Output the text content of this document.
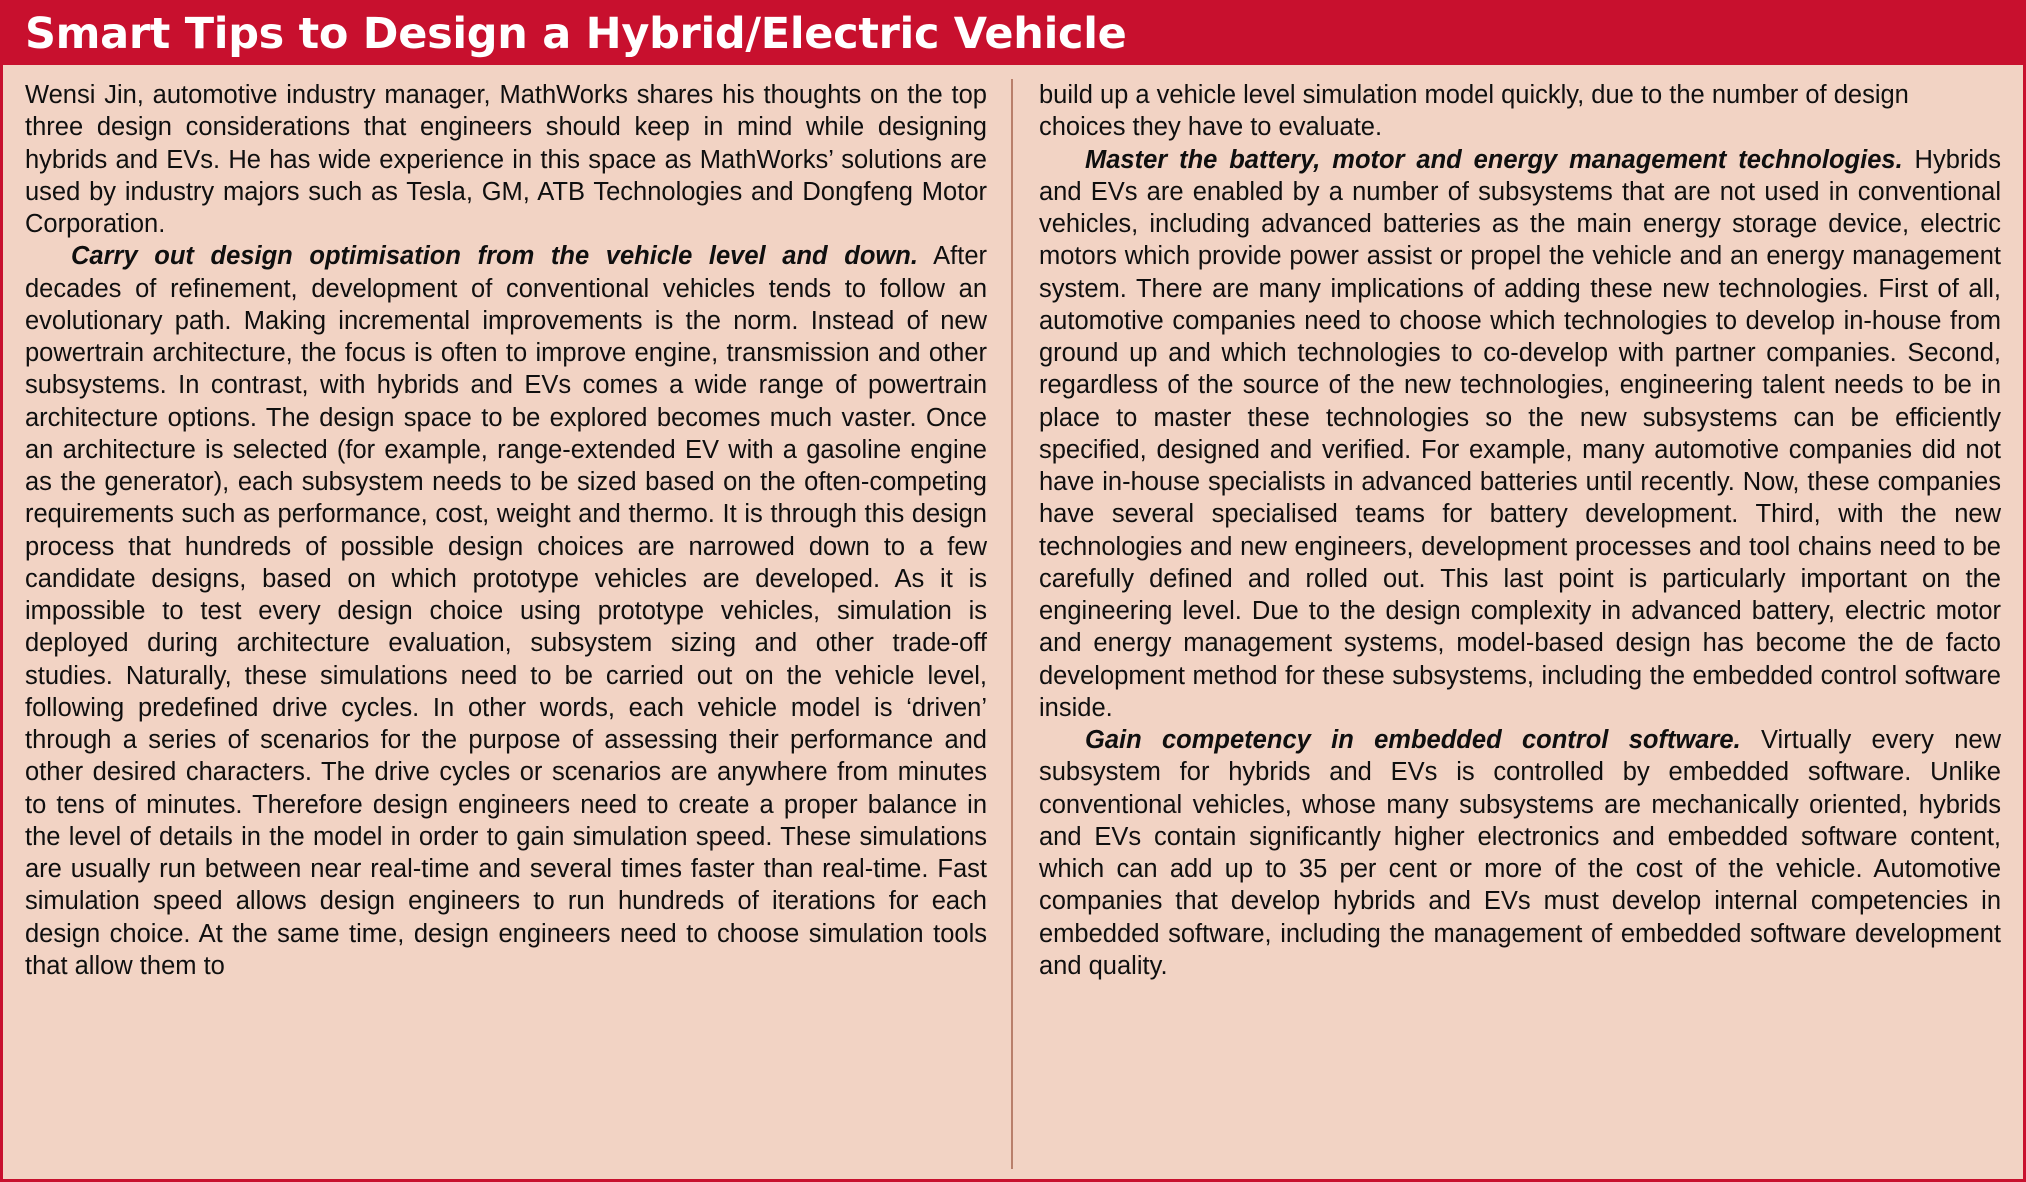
Smart Tips to Design a Hybrid/Electric Vehicle

Wensi Jin, automotive industry manager, MathWorks shares his thoughts on the top three design considerations that engineers should keep in mind while designing hybrids and EVs. He has wide experience in this space as MathWorks’ solutions are used by industry majors such as Tesla, GM, ATB Technologies and Dongfeng Motor Corporation.

Carry out design optimisation from the vehicle level and down. After decades of refinement, development of conventional vehicles tends to follow an evolutionary path. Making incremental improvements is the norm. Instead of new powertrain architecture, the focus is often to improve engine, transmission and other subsystems. In contrast, with hybrids and EVs comes a wide range of powertrain architecture options. The design space to be explored becomes much vaster. Once an architecture is selected (for example, range-extended EV with a gasoline engine as the generator), each subsystem needs to be sized based on the often-competing requirements such as performance, cost, weight and thermo. It is through this design process that hundreds of possible design choices are narrowed down to a few candidate designs, based on which prototype vehicles are developed. As it is impossible to test every design choice using prototype vehicles, simulation is deployed during architecture evaluation, subsystem sizing and other trade-off studies. Naturally, these simulations need to be carried out on the vehicle level, following predefined drive cycles. In other words, each vehicle model is ‘driven’ through a series of scenarios for the purpose of assessing their performance and other desired characters. The drive cycles or scenarios are anywhere from minutes to tens of minutes. Therefore design engineers need to create a proper balance in the level of details in the model in order to gain simulation speed. These simulations are usually run between near real-time and several times faster than real-time. Fast simulation speed allows design engineers to run hundreds of iterations for each design choice. At the same time, design engineers need to choose simulation tools that allow them to

build up a vehicle level simulation model quickly, due to the number of design choices they have to evaluate.

Master the battery, motor and energy management technologies. Hybrids and EVs are enabled by a number of subsystems that are not used in conventional vehicles, including advanced batteries as the main energy storage device, electric motors which provide power assist or propel the vehicle and an energy management system. There are many implications of adding these new technologies. First of all, automotive companies need to choose which technologies to develop in-house from ground up and which technologies to co-develop with partner companies. Second, regardless of the source of the new technologies, engineering talent needs to be in place to master these technologies so the new subsystems can be efficiently specified, designed and verified. For example, many automotive companies did not have in-house specialists in advanced batteries until recently. Now, these companies have several specialised teams for battery development. Third, with the new technologies and new engineers, development processes and tool chains need to be carefully defined and rolled out. This last point is particularly important on the engineering level. Due to the design complexity in advanced battery, electric motor and energy management systems, model-based design has become the de facto development method for these subsystems, including the embedded control software inside.

Gain competency in embedded control software. Virtually every new subsystem for hybrids and EVs is controlled by embedded software. Unlike conventional vehicles, whose many subsystems are mechanically oriented, hybrids and EVs contain significantly higher electronics and embedded software content, which can add up to 35 per cent or more of the cost of the vehicle. Automotive companies that develop hybrids and EVs must develop internal competencies in embedded software, including the management of embedded software development and quality.
